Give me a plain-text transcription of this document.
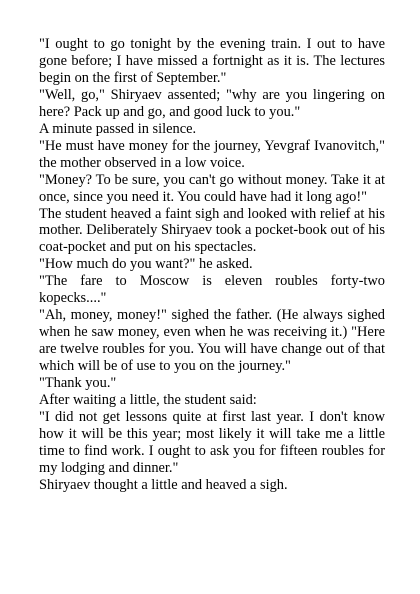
"I ought to go tonight by the evening train. I out to have gone before; I have missed a fortnight as it is. The lectures begin on the first of September."

"Well, go," Shiryaev assented; "why are you lingering on here? Pack up and go, and good luck to you."

A minute passed in silence.

"He must have money for the journey, Yevgraf Ivanovitch," the mother observed in a low voice.

"Money? To be sure, you can't go without money. Take it at once, since you need it. You could have had it long ago!"

The student heaved a faint sigh and looked with relief at his mother. Deliberately Shiryaev took a pocket-book out of his coat-pocket and put on his spectacles.

"How much do you want?" he asked.

"The fare to Moscow is eleven roubles forty-two kopecks...."

"Ah, money, money!" sighed the father. (He always sighed when he saw money, even when he was receiving it.) "Here are twelve roubles for you. You will have change out of that which will be of use to you on the journey."

"Thank you."

After waiting a little, the student said:

"I did not get lessons quite at first last year. I don't know how it will be this year; most likely it will take me a little time to find work. I ought to ask you for fifteen roubles for my lodging and dinner."

Shiryaev thought a little and heaved a sigh.
